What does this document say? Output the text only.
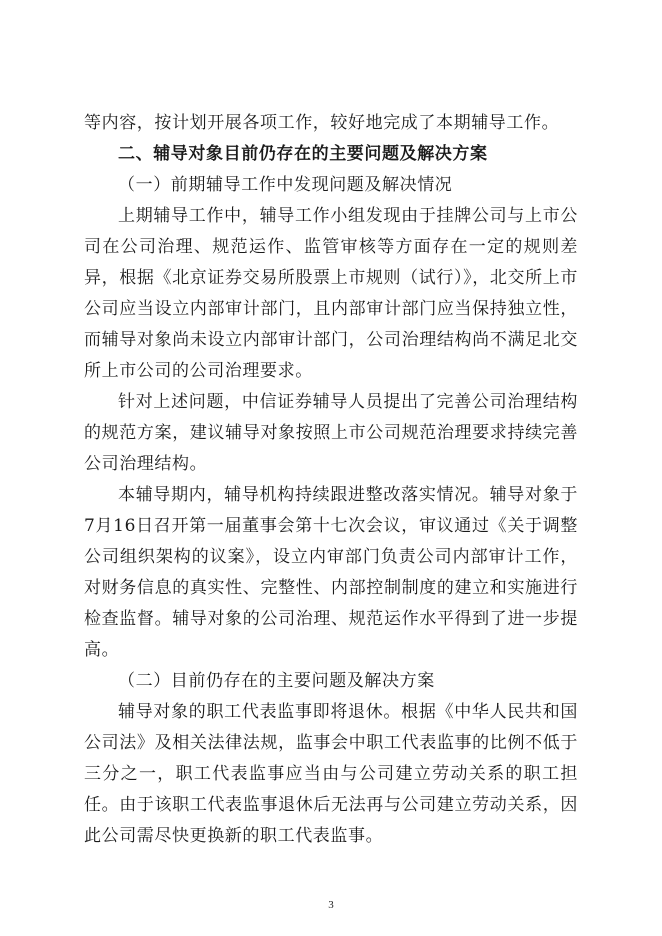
等内容，按计划开展各项工作，较好地完成了本期辅导工作。

二、辅导对象目前仍存在的主要问题及解决方案

（一）前期辅导工作中发现问题及解决情况

上期辅导工作中，辅导工作小组发现由于挂牌公司与上市公司在公司治理、规范运作、监管审核等方面存在一定的规则差异，根据《北京证券交易所股票上市规则（试行）》，北交所上市公司应当设立内部审计部门，且内部审计部门应当保持独立性，而辅导对象尚未设立内部审计部门，公司治理结构尚不满足北交所上市公司的公司治理要求。

针对上述问题，中信证券辅导人员提出了完善公司治理结构的规范方案，建议辅导对象按照上市公司规范治理要求持续完善公司治理结构。

本辅导期内，辅导机构持续跟进整改落实情况。辅导对象于7月16日召开第一届董事会第十七次会议，审议通过《关于调整公司组织架构的议案》，设立内审部门负责公司内部审计工作，对财务信息的真实性、完整性、内部控制制度的建立和实施进行检查监督。辅导对象的公司治理、规范运作水平得到了进一步提高。

（二）目前仍存在的主要问题及解决方案

辅导对象的职工代表监事即将退休。根据《中华人民共和国公司法》及相关法律法规，监事会中职工代表监事的比例不低于三分之一，职工代表监事应当由与公司建立劳动关系的职工担任。由于该职工代表监事退休后无法再与公司建立劳动关系，因此公司需尽快更换新的职工代表监事。

3
